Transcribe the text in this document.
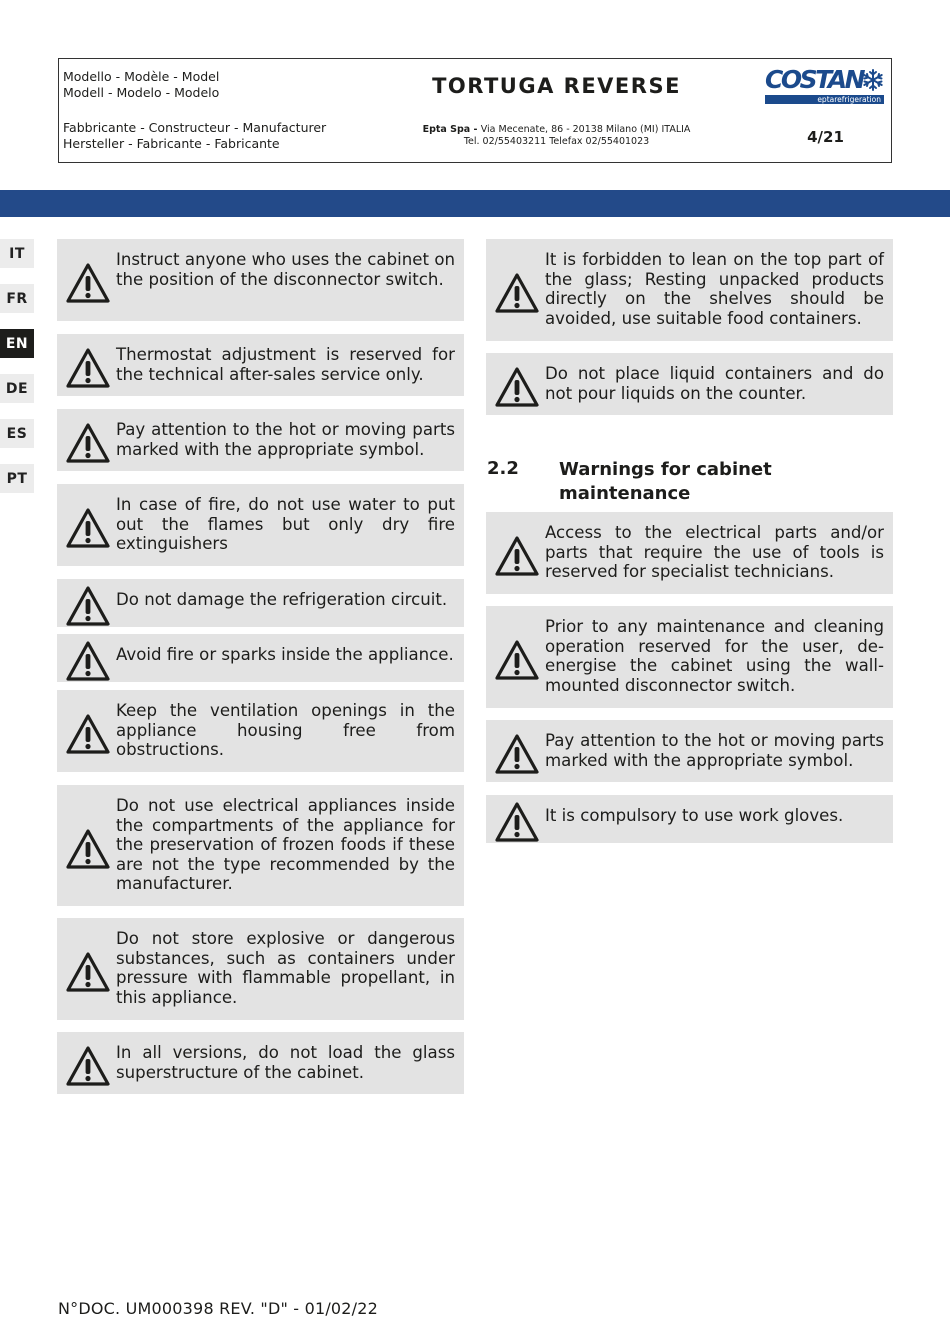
Modello - Modèle - Model
Modell - Modelo - Modelo	TORTUGA REVERSE	COSTAN
eptarefrigeration
Fabbricante - Constructeur - Manufacturer
Hersteller - Fabricante - Fabricante
Epta Spa - Via Mecenate, 86 - 20138 Milano (MI) ITALIA
Tel. 02/55403211 Telefax 02/55401023	4/21
IT
FR
EN
DE
ES
PT
Instruct anyone who uses the cabinet on the position of the disconnector switch.
Thermostat adjustment is reserved for the technical after-sales service only.
Pay attention to the hot or moving parts marked with the appropriate symbol.
In case of fire, do not use water to put out the flames but only dry fire extinguishers
Do not damage the refrigeration circuit.
Avoid fire or sparks inside the appliance.
Keep the ventilation openings in the appliance housing free from obstructions.
Do not use electrical appliances inside the compartments of the appliance for the preservation of frozen foods if these are not the type recommended by the manufacturer.
Do not store explosive or dangerous substances, such as containers under pressure with flammable propellant, in this appliance.
In all versions, do not load the glass superstructure of the cabinet.
It is forbidden to lean on the top part of the glass; Resting unpacked products directly on the shelves should be avoided, use suitable food containers.
Do not place liquid containers and do not pour liquids on the counter.
Access to the electrical parts and/or parts that require the use of tools is reserved for specialist technicians.
Prior to any maintenance and cleaning operation reserved for the user, de-energise the cabinet using the wall-mounted disconnector switch.
Pay attention to the hot or moving parts marked with the appropriate symbol.
It is compulsory to use work gloves.
2.2 Warnings for cabinet maintenance
N°DOC. UM000398 REV. "D" - 01/02/22
